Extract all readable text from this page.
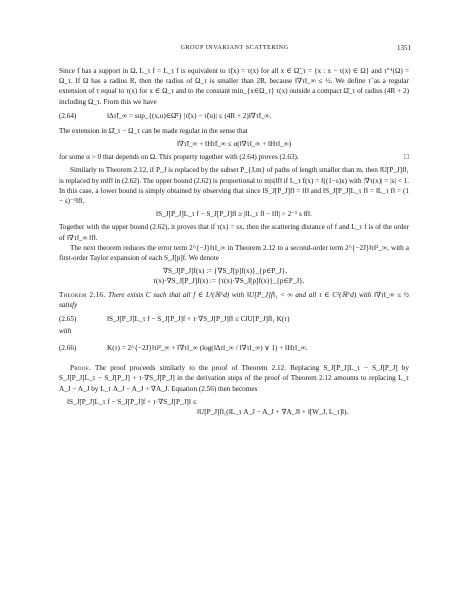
GROUP INVARIANT SCATTERING	1351

Since f has a support in Ω, L_τ f = L_τ f is equivalent to τ̃(x) = τ(x) for all x ∈ Ω̃_τ = {x : x − τ(x) ∈ Ω} and τ̃⁻¹(Ω) = Ω_τ. If Ω has a radius R, then the radius of Ω_τ is smaller than 2R, because ‖∇τ‖_∞ ≤ ½. We define τ̃ as a regular extension of τ equal to τ(x) for x ∈ Ω_τ and to the constant min_{x∈Ω_τ} τ(x) outside a compact Ω̂_τ of radius (4R + 2) including Ω_τ. From this we have

(2.64)	‖Δτ̃‖_∞ = sup_{(x,u)∈Ω̂²} |τ̃(x) − τ̃(u)| ≤ (4R + 2)‖∇τ̃‖_∞.

The extension in Ω̂_τ − Ω_τ can be made regular in the sense that

‖∇τ̃‖_∞ + ‖Hτ̃‖_∞ ≤ α(‖∇τ‖_∞ + ‖Hτ‖_∞)

for some α > 0 that depends on Ω. This property together with (2.64) proves (2.63).	□

Similarly to Theorem 2.12, if P_J is replaced by the subset P_{J,m} of paths of length smaller than m, then ‖U[P_J]f‖₁ is replaced by m‖f‖ in (2.62). The upper bound (2.62) is proportional to m|s|‖f‖ if L_τ f(x) = f((1−s)x) with |∇τ(x)| = |s| < 1. In this case, a lower bound is simply obtained by observing that since ‖S_J[P_J]f‖ = ‖f‖ and ‖S_J[P_J]L_τ f‖ = ‖L_τ f‖ = (1 − s)⁻¹‖f‖,

‖S_J[P_J]L_τ f − S_J[P_J]f‖ ≥ |‖L_τ f‖ − ‖f‖| > 2⁻¹ s ‖f‖.

Together with the upper bound (2.62), it proves that if τ(x) = sx, then the scattering distance of f and L_τ f is of the order of ‖∇τ‖_∞ ‖f‖.

The next theorem reduces the error term 2^{−J}‖τ‖_∞ in Theorem 2.12 to a second-order term 2^{−2J}‖τ‖²_∞, with a first-order Taylor expansion of each S_J[p]f. We denote

∇S_J[P_J]f(x) := {∇S_J[p]f(x)}_{p∈P_J},
τ(x)·∇S_J[P_J]f(x) := {τ(x)·∇S_J[p]f(x)}_{p∈P_J}.

Theorem 2.16. There exists C such that all f ∈ L²(ℝ^d) with ‖U[P_J]f‖₁ < ∞ and all τ ∈ C²(ℝ^d) with ‖∇τ‖_∞ ≤ ½ satisfy

(2.65)	‖S_J[P_J]L_τ f − S_J[P_J]f + τ·∇S_J[P_J]f‖ ≤ C‖U[P_J]f‖₁ K(τ)

with

(2.66)	K(τ) = 2^{−2J}‖τ‖²_∞ + ‖∇τ‖_∞ (log(‖Δτ‖_∞ / ‖∇τ‖_∞) ∨ 1) + ‖Hτ‖_∞.

Proof. The proof proceeds similarly to the proof of Theorem 2.12. Replacing S_J[P_J]L_τ − S_J[P_J] by S_J[P_J]L_τ − S_J[P_J] + τ·∇S_J[P_J] in the derivation steps of the proof of Theorem 2.12 amounts to replacing L_τ A_J − A_J by L_τ A_J − A_J + ∇A_J. Equation (2.56) then becomes

‖S_J[P_J]L_τ f − S_J[P_J]f + τ·∇S_J[P_J]‖ ≤
‖U[P_J]f‖₁(‖L_τ A_J − A_J + ∇A_J‖ + ‖[W_J, L_τ]‖).
